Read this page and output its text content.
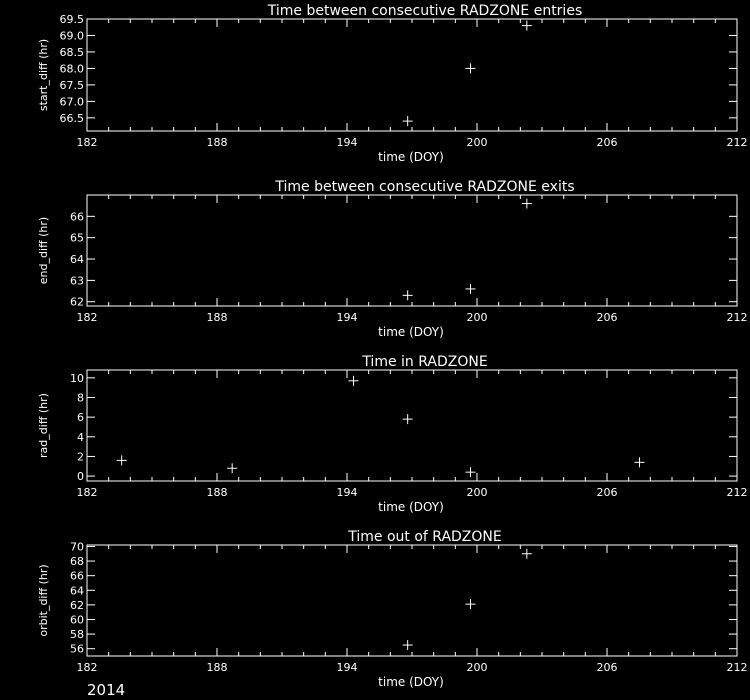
Time between consecutive RADZONE entries
182	188	194	200	206	212
66.5
67.0
67.5
68.0
68.5
69.0
69.5
time (DOY)
start_diff (hr)
Time between consecutive RADZONE exits
182	188	194	200	206	212
62
63
64
65
66
time (DOY)
end_diff (hr)
Time in RADZONE
182	188	194	200	206	212
0
2
4
6
8
10
time (DOY)
rad_diff (hr)
Time out of RADZONE
182	188	194	200	206	212
56
58
60
62
64
66
68
70
time (DOY)
orbit_diff (hr)
2014
